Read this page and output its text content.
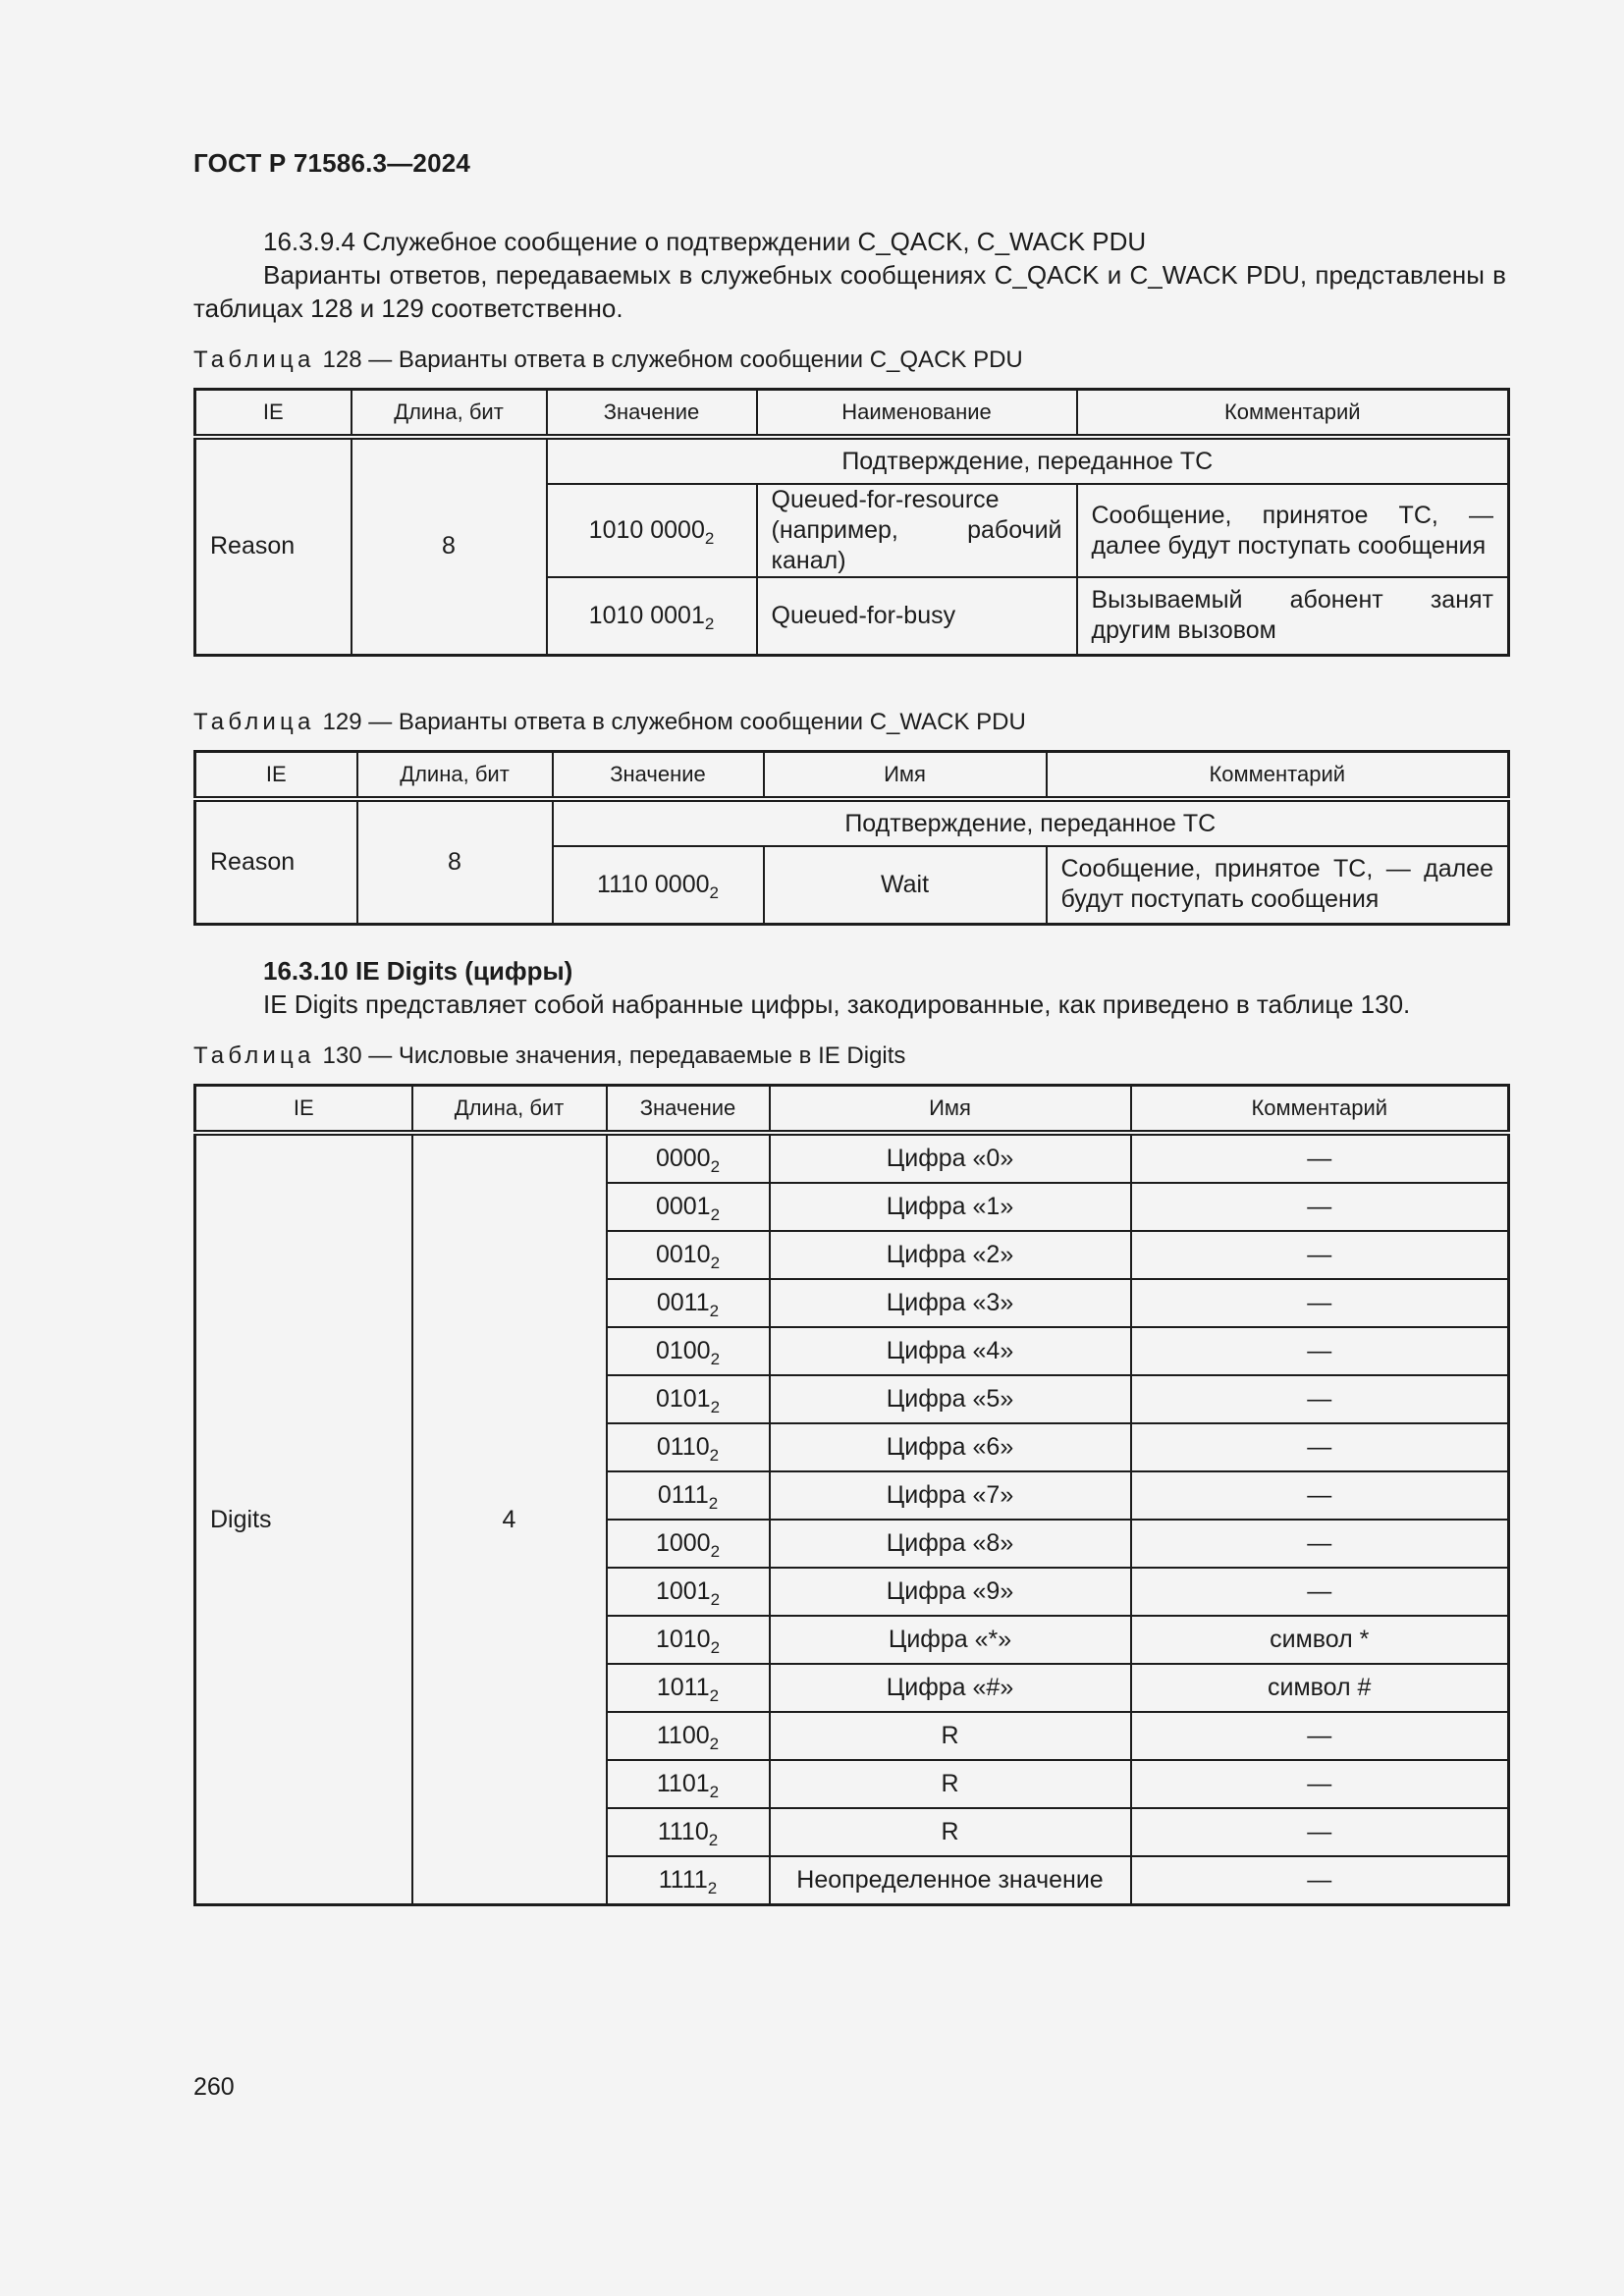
ГОСТ Р 71586.3—2024
16.3.9.4 Служебное сообщение о подтверждении C_QACK, C_WACK PDU
Варианты ответов, передаваемых в служебных сообщениях C_QACK и C_WACK PDU, представлены в таблицах 128 и 129 соответственно.
Таблица 128 — Варианты ответа в служебном сообщении C_QACK PDU
IE	Длина, бит	Значение	Наименование	Комментарий
Reason	8	Подтверждение, переданное ТС		
		1010 $0000_2$	Queued-for-resource (например, рабочий канал)	Сообщение, принятое ТС, — далее будут поступать сообщения
		1010 $0001_2$	Queued-for-busy	Вызываемый абонент занят другим вызовом
Таблица 129 — Варианты ответа в служебном сообщении C_WACK PDU
IE	Длина, бит	Значение	Имя	Комментарий
Reason	8	Подтверждение, переданное ТС		
		1110 $0000_2$	Wait	Сообщение, принятое ТС, — далее будут поступать сообщения
16.3.10 IE Digits (цифры)
IE Digits представляет собой набранные цифры, закодированные, как приведено в таблице 130.
Таблица 130 — Числовые значения, передаваемые в IE Digits
IE	Длина, бит	Значение	Имя	Комментарий
Digits	4	$0000_2$	Цифра «0»	—
		$0001_2$	Цифра «1»	—
		$0010_2$	Цифра «2»	—
		$0011_2$	Цифра «3»	—
		$0100_2$	Цифра «4»	—
		$0101_2$	Цифра «5»	—
		$0110_2$	Цифра «6»	—
		$0111_2$	Цифра «7»	—
		$1000_2$	Цифра «8»	—
		$1001_2$	Цифра «9»	—
		$1010_2$	Цифра «*»	символ *
		$1011_2$	Цифра «#»	символ #
		$1100_2$	R	—
		$1101_2$	R	—
		$1110_2$	R	—
		$1111_2$	Неопределенное значение	—
260
